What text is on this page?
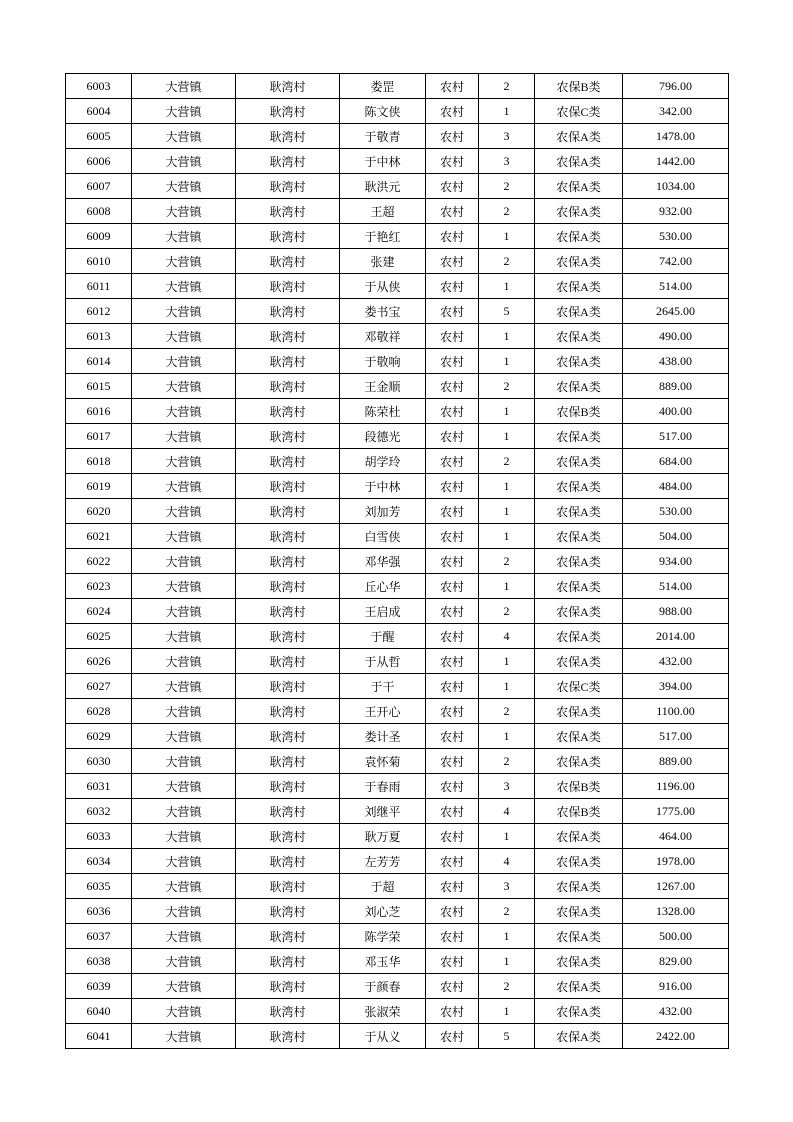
6003	大营镇	耿湾村	娄罡	农村	2	农保B类	796.00
6004	大营镇	耿湾村	陈文侠	农村	1	农保C类	342.00
6005	大营镇	耿湾村	于敬青	农村	3	农保A类	1478.00
6006	大营镇	耿湾村	于中林	农村	3	农保A类	1442.00
6007	大营镇	耿湾村	耿洪元	农村	2	农保A类	1034.00
6008	大营镇	耿湾村	王超	农村	2	农保A类	932.00
6009	大营镇	耿湾村	于艳红	农村	1	农保A类	530.00
6010	大营镇	耿湾村	张建	农村	2	农保A类	742.00
6011	大营镇	耿湾村	于从侠	农村	1	农保A类	514.00
6012	大营镇	耿湾村	娄书宝	农村	5	农保A类	2645.00
6013	大营镇	耿湾村	邓敬祥	农村	1	农保A类	490.00
6014	大营镇	耿湾村	于敬响	农村	1	农保A类	438.00
6015	大营镇	耿湾村	王金顺	农村	2	农保A类	889.00
6016	大营镇	耿湾村	陈荣杜	农村	1	农保B类	400.00
6017	大营镇	耿湾村	段德光	农村	1	农保A类	517.00
6018	大营镇	耿湾村	胡学玲	农村	2	农保A类	684.00
6019	大营镇	耿湾村	于中林	农村	1	农保A类	484.00
6020	大营镇	耿湾村	刘加芳	农村	1	农保A类	530.00
6021	大营镇	耿湾村	白雪侠	农村	1	农保A类	504.00
6022	大营镇	耿湾村	邓华强	农村	2	农保A类	934.00
6023	大营镇	耿湾村	丘心华	农村	1	农保A类	514.00
6024	大营镇	耿湾村	王启成	农村	2	农保A类	988.00
6025	大营镇	耿湾村	于醒	农村	4	农保A类	2014.00
6026	大营镇	耿湾村	于从哲	农村	1	农保A类	432.00
6027	大营镇	耿湾村	于干	农村	1	农保C类	394.00
6028	大营镇	耿湾村	王开心	农村	2	农保A类	1100.00
6029	大营镇	耿湾村	娄计圣	农村	1	农保A类	517.00
6030	大营镇	耿湾村	袁怀菊	农村	2	农保A类	889.00
6031	大营镇	耿湾村	于春雨	农村	3	农保B类	1196.00
6032	大营镇	耿湾村	刘继平	农村	4	农保B类	1775.00
6033	大营镇	耿湾村	耿万夏	农村	1	农保A类	464.00
6034	大营镇	耿湾村	左芳芳	农村	4	农保A类	1978.00
6035	大营镇	耿湾村	于超	农村	3	农保A类	1267.00
6036	大营镇	耿湾村	刘心芝	农村	2	农保A类	1328.00
6037	大营镇	耿湾村	陈学荣	农村	1	农保A类	500.00
6038	大营镇	耿湾村	邓玉华	农村	1	农保A类	829.00
6039	大营镇	耿湾村	于颜春	农村	2	农保A类	916.00
6040	大营镇	耿湾村	张淑荣	农村	1	农保A类	432.00
6041	大营镇	耿湾村	于从义	农村	5	农保A类	2422.00
